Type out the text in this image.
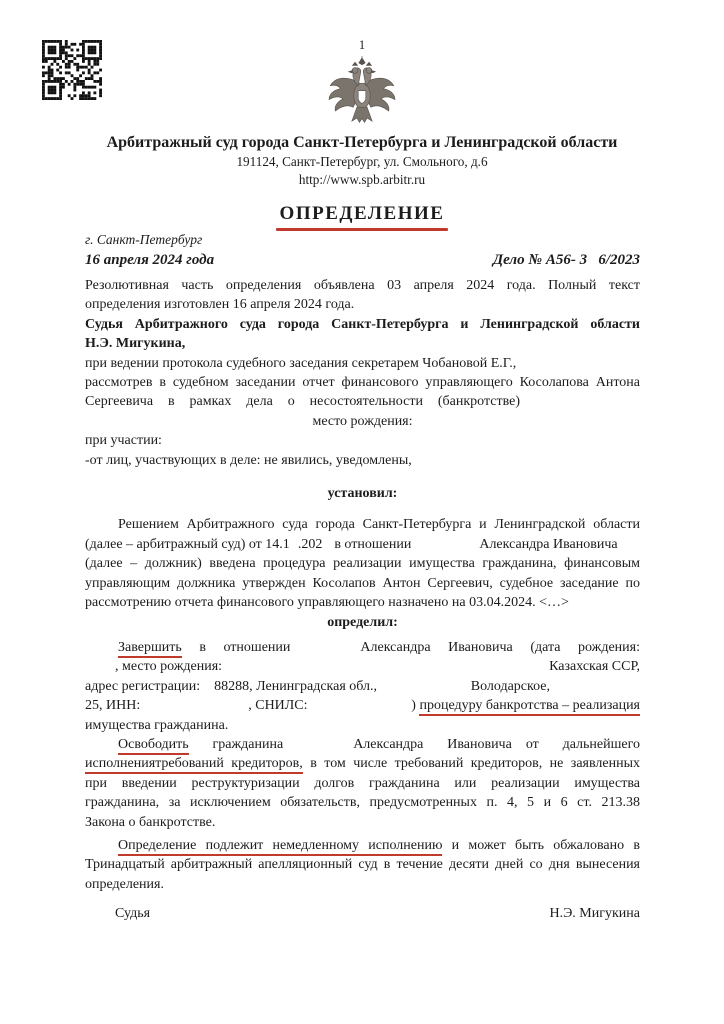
1
Арбитражный суд города Санкт-Петербурга и Ленинградской области
191124, Санкт-Петербург, ул. Смольного, д.6
http://www.spb.arbitr.ru
ОПРЕДЕЛЕНИЕ
г. Санкт-Петербург
16 апреля 2024 года	Дело № А56- 3   6/2023
Резолютивная часть определения объявлена 03 апреля 2024 года. Полный текст
определения изготовлен 16 апреля 2024 года.
Судья Арбитражного суда города Санкт-Петербурга и Ленинградской области
Н.Э. Мигукина,
при ведении протокола судебного заседания секретарем Чобановой Е.Г.,
рассмотрев в судебном заседании отчет финансового управляющего Косолапова Антона
Сергеевича в рамках дела о несостоятельности (банкротстве)
место рождения:
при участии:
-от лиц, участвующих в деле: не явились, уведомлены,
установил:
Решением Арбитражного суда города Санкт-Петербурга и Ленинградской области
(далее – арбитражный суд) от 14.1 .202 в отношении	Александра Ивановича
(далее – должник) введена процедура реализации имущества гражданина, финансовым
управляющим должника утвержден Косолапов Антон Сергеевич, судебное заседание по
рассмотрению отчета финансового управляющего назначено на 03.04.2024. <…>
определил:
Завершить в отношении	Александра Ивановича (дата рождения:
, место рождения:	Казахская ССР,
адрес регистрации: 88288, Ленинградская обл.,	Володарское,
25, ИНН:	, СНИЛС:	) процедуру банкротства – реализация
имущества гражданина.
Освободить гражданина	Александра Ивановича от дальнейшего
исполнениятребований кредиторов, в том числе требований кредиторов, не заявленных
при введении реструктуризации долгов гражданина или реализации имущества
гражданина, за исключением обязательств, предусмотренных п. 4, 5 и 6 ст. 213.38
Закона о банкротстве.
Определение подлежит немедленному исполнению и может быть обжаловано в
Тринадцатый арбитражный апелляционный суд в течение десяти дней со дня вынесения
определения.
Судья	Н.Э. Мигукина
